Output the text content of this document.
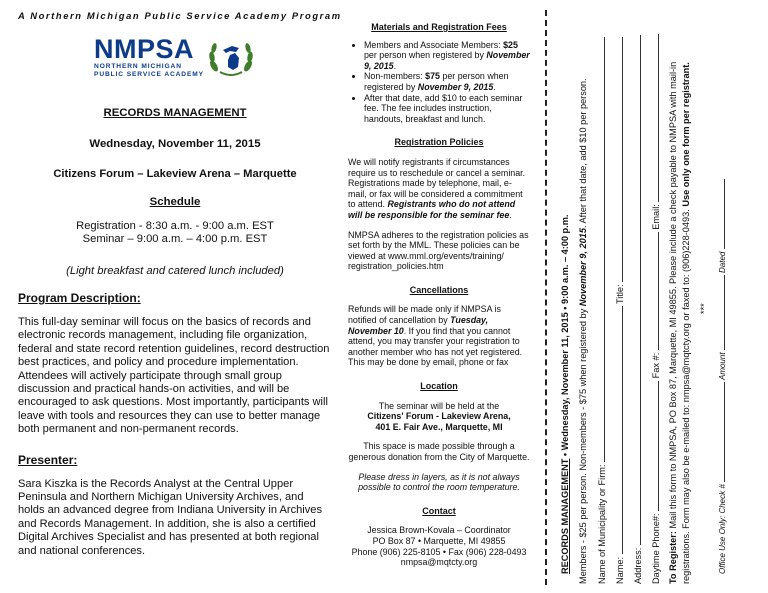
A Northern Michigan Public Service Academy Program

NMPSA
NORTHERN MICHIGAN
PUBLIC SERVICE ACADEMY
RECORDS MANAGEMENT
Wednesday, November 11, 2015
Citizens Forum – Lakeview Arena – Marquette
Schedule
Registration - 8:30 a.m. - 9:00 a.m. EST
Seminar – 9:00 a.m. – 4:00 p.m. EST
(Light breakfast and catered lunch included)
Program Description:
This full-day seminar will focus on the basics of records and electronic records management, including file organization, federal and state record retention guidelines, record destruction best practices, and policy and procedure implementation. Attendees will actively participate through small group discussion and practical hands-on activities, and will be encouraged to ask questions. Most importantly, participants will leave with tools and resources they can use to better manage both permanent and non-permanent records.
Presenter:
Sara Kiszka is the Records Analyst at the Central Upper Peninsula and Northern Michigan University Archives, and holds an advanced degree from Indiana University in Archives and Records Management. In addition, she is also a certified Digital Archives Specialist and has presented at both regional and national conferences.
Materials and Registration Fees
• Members and Associate Members: $25 per person when registered by November 9, 2015.
• Non-members: $75 per person when registered by November 9, 2015.
• After that date, add $10 to each seminar fee. The fee includes instruction, handouts, breakfast and lunch.
Registration Policies
We will notify registrants if circumstances require us to reschedule or cancel a seminar. Registrations made by telephone, mail, e-mail, or fax will be considered a commitment to attend. Registrants who do not attend will be responsible for the seminar fee.
NMPSA adheres to the registration policies as set forth by the MML. These policies can be viewed at www.mml.org/events/training/ registration_policies.htm
Cancellations
Refunds will be made only if NMPSA is notified of cancellation by Tuesday, November 10. If you find that you cannot attend, you may transfer your registration to another member who has not yet registered. This may be done by email, phone or fax
Location
The seminar will be held at the
Citizens' Forum - Lakeview Arena,
401 E. Fair Ave., Marquette, MI
This space is made possible through a generous donation from the City of Marquette.
Please dress in layers, as it is not always possible to control the room temperature.
Contact
Jessica Brown-Kovala – Coordinator
PO Box 87 • Marquette, MI 49855
Phone (906) 225-8105 • Fax (906) 228-0493
nmpsa@mqtcty.org	RECORDS MANAGEMENT • Wednesday, November 11, 2015 • 9:00 a.m. – 4:00 p.m. Members - $25 per person. Non-members - $75 when registered by November 9, 2015. After that date, add $10 per person.
Name of Municipality or Firm: Name:  Title:
Address: Daytime Phone#:  Fax #:  Email:
To Register: Mail this form to NMPSA, PO Box 87, Marquette, MI 49855. Please include a check payable to NMPSA with mail-in registrations. Form may also be e-mailed to: nmpsa@mqtcty.org or faxed to: (906)228-0493. Use only one form per registrant.
***
Office Use Only: Check #  Amount  Dated
